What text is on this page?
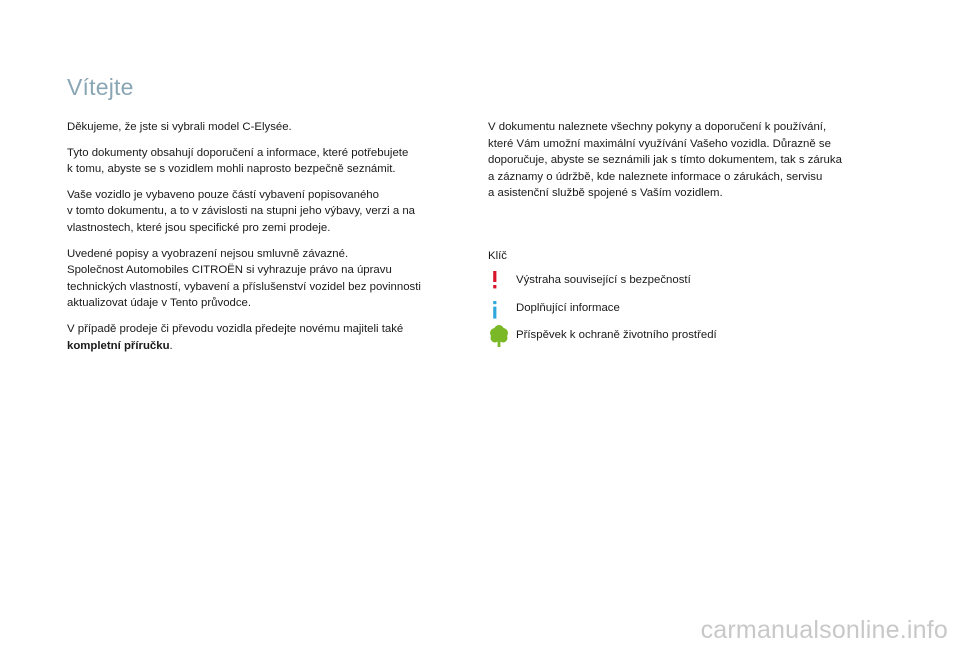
Vítejte

Děkujeme, že jste si vybrali model C-Elysée.

Tyto dokumenty obsahují doporučení a informace, které potřebujete
k tomu, abyste se s vozidlem mohli naprosto bezpečně seznámit.

Vaše vozidlo je vybaveno pouze částí vybavení popisovaného
v tomto dokumentu, a to v závislosti na stupni jeho výbavy, verzi a na
vlastnostech, které jsou specifické pro zemi prodeje.

Uvedené popisy a vyobrazení nejsou smluvně závazné.
Společnost Automobiles CITROËN si vyhrazuje právo na úpravu
technických vlastností, vybavení a příslušenství vozidel bez povinnosti
aktualizovat údaje v Tento průvodce.

V případě prodeje či převodu vozidla předejte novému majiteli také
kompletní příručku.

V dokumentu naleznete všechny pokyny a doporučení k používání,
které Vám umožní maximální využívání Vašeho vozidla. Důrazně se
doporučuje, abyste se seznámili jak s tímto dokumentem, tak s záruka
a záznamy o údržbě, kde naleznete informace o zárukách, servisu
a asistenční službě spojené s Vaším vozidlem.

Klíč

Výstraha související s bezpečností
Doplňující informace
Příspěvek k ochraně životního prostředí
carmanualsonline.info
